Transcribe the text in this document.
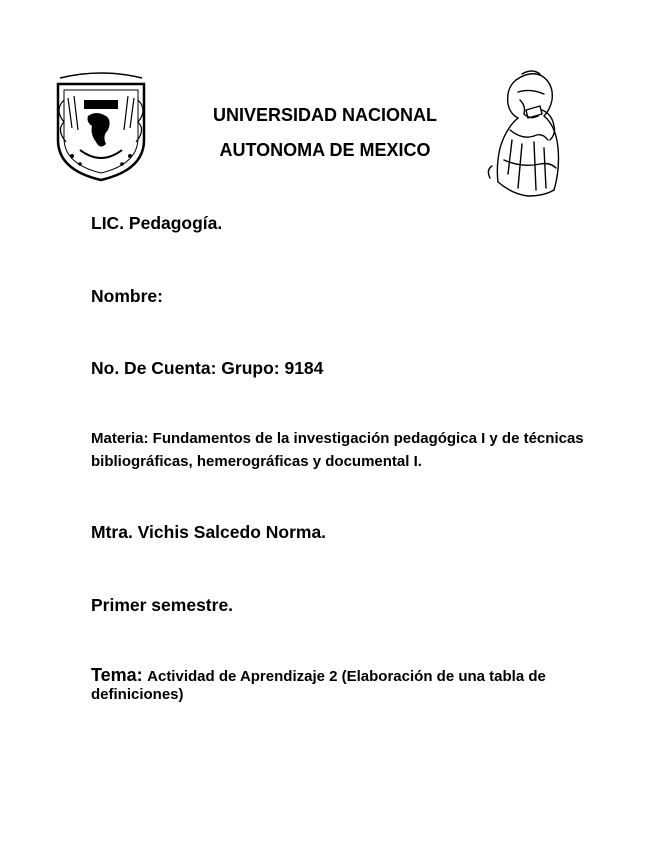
UNIVERSIDAD NACIONAL
AUTONOMA DE MEXICO
LIC. Pedagogía.
Nombre:
No. De Cuenta: Grupo: 9184
Materia: Fundamentos de la investigación pedagógica I y de técnicas bibliográficas, hemerográficas y documental I.
Mtra. Vichis Salcedo Norma.
Primer semestre.
Tema: Actividad de Aprendizaje 2 (Elaboración de una tabla de definiciones)
